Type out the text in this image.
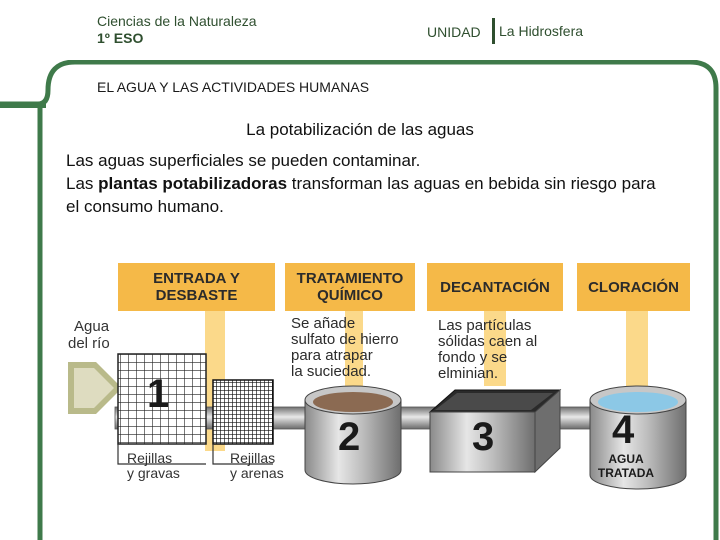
Ciencias de la Naturaleza
1º ESO	UNIDAD La Hidrosfera
EL AGUA Y LAS ACTIVIDADES HUMANAS
La potabilización de las aguas
Las aguas superficiales se pueden contaminar.
Las plantas potabilizadoras transforman las aguas en bebida sin riesgo para el consumo humano.
ENTRADA Y
DESBASTE
TRATAMIENTO
QUÍMICO	DECANTACIÓN	CLORACIÓN
Se añade
sulfato de hierro
para atrapar
la suciedad.
Las partículas
sólidas caen al
fondo y se
elminian.
Agua
del río
1
2	3	4
AGUA
TRATADA
Rejillas
y gravas
Rejillas
y arenas
